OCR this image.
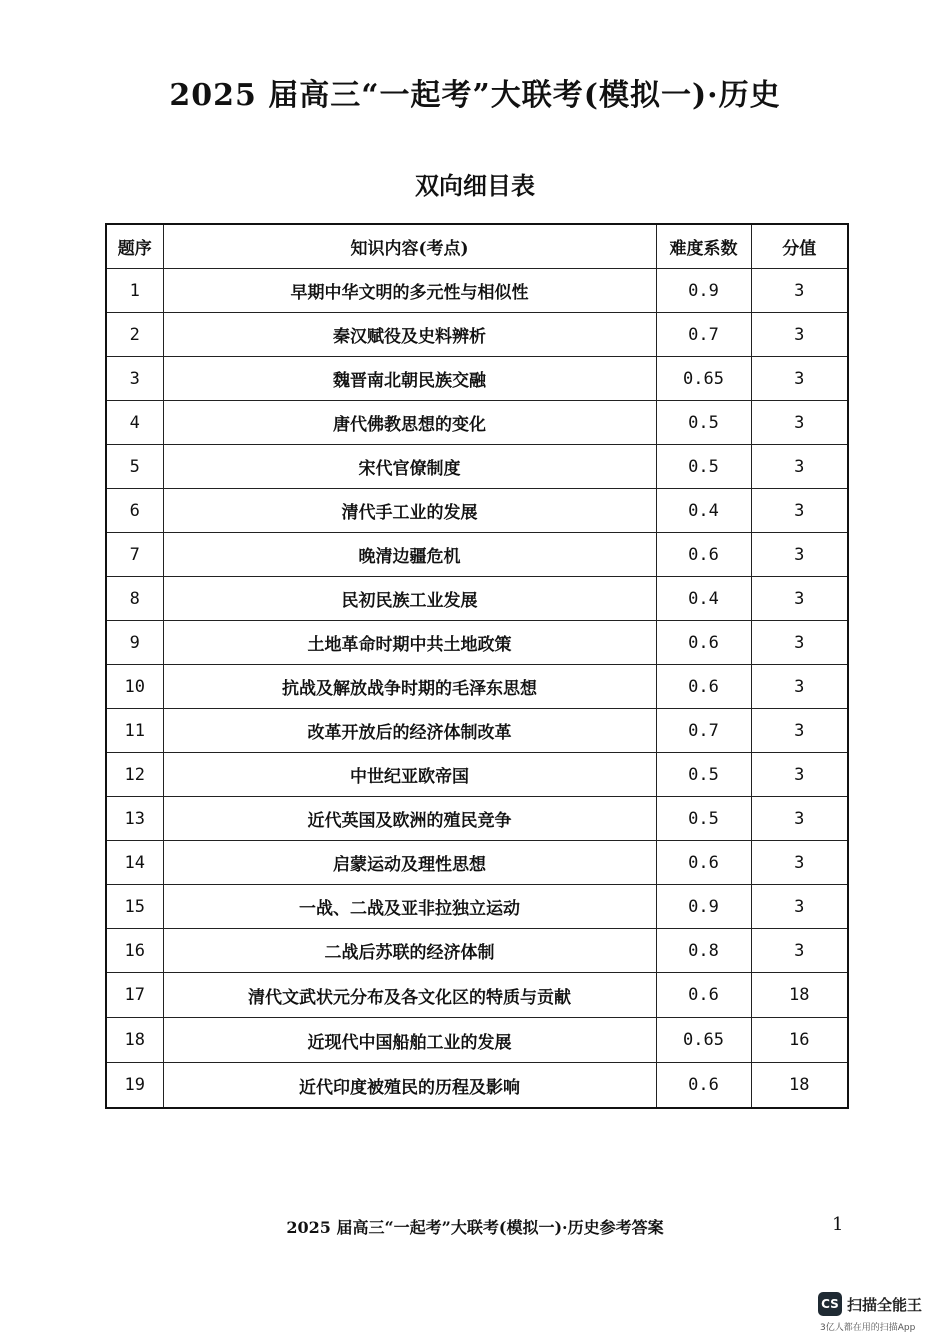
2025 届高三“一起考”大联考(模拟一)·历史
双向细目表
题序	知识内容(考点)	难度系数	分值
1	早期中华文明的多元性与相似性	0.9	3
2	秦汉赋役及史料辨析	0.7	3
3	魏晋南北朝民族交融	0.65	3
4	唐代佛教思想的变化	0.5	3
5	宋代官僚制度	0.5	3
6	清代手工业的发展	0.4	3
7	晚清边疆危机	0.6	3
8	民初民族工业发展	0.4	3
9	土地革命时期中共土地政策	0.6	3
10	抗战及解放战争时期的毛泽东思想	0.6	3
11	改革开放后的经济体制改革	0.7	3
12	中世纪亚欧帝国	0.5	3
13	近代英国及欧洲的殖民竞争	0.5	3
14	启蒙运动及理性思想	0.6	3
15	一战、二战及亚非拉独立运动	0.9	3
16	二战后苏联的经济体制	0.8	3
17	清代文武状元分布及各文化区的特质与贡献	0.6	18
18	近现代中国船舶工业的发展	0.65	16
19	近代印度被殖民的历程及影响	0.6	18
2025 届高三“一起考”大联考(模拟一)·历史参考答案	1
CS 扫描全能王
3亿人都在用的扫描App
